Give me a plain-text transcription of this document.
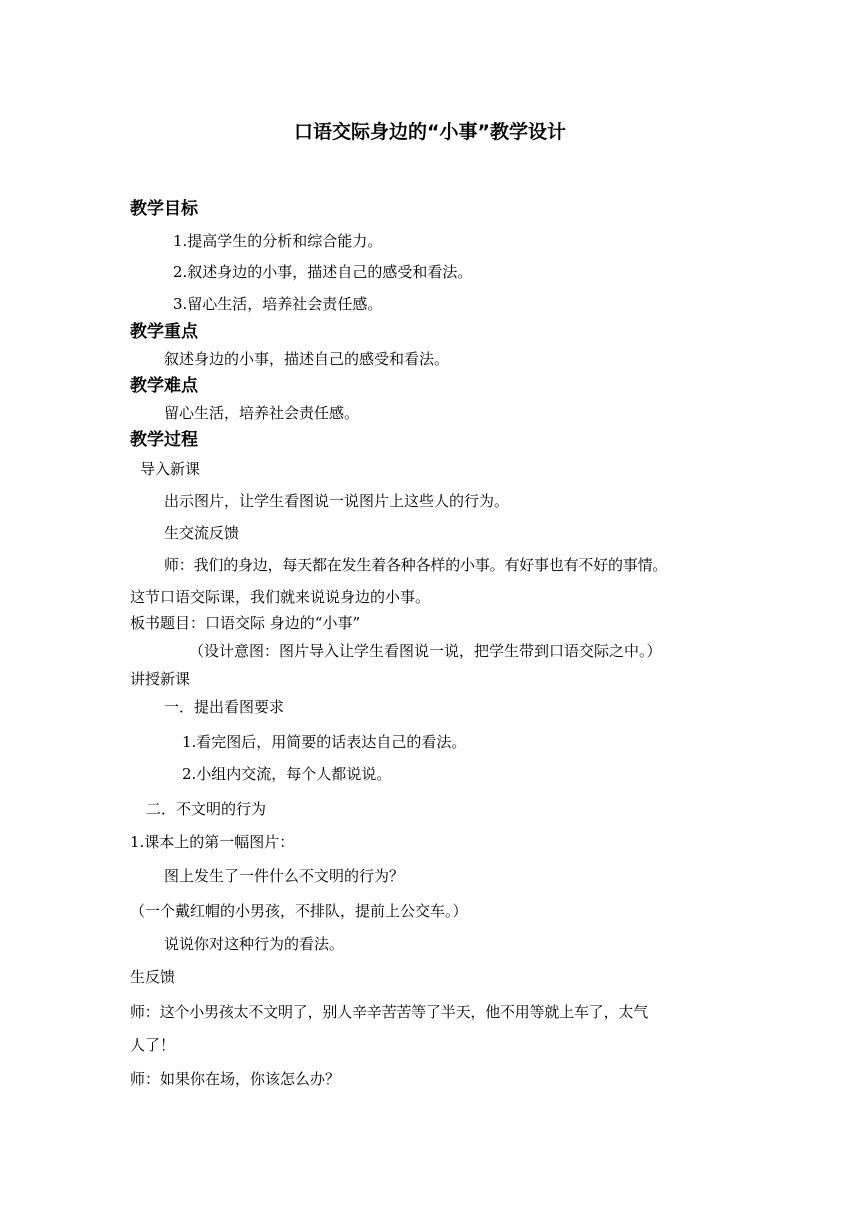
口语交际身边的“小事”教学设计
教学目标
1.提高学生的分析和综合能力。
2.叙述身边的小事，描述自己的感受和看法。
3.留心生活，培养社会责任感。
教学重点
叙述身边的小事，描述自己的感受和看法。
教学难点
留心生活，培养社会责任感。
教学过程
导入新课
出示图片，让学生看图说一说图片上这些人的行为。
生交流反馈
师：我们的身边，每天都在发生着各种各样的小事。有好事也有不好的事情。
这节口语交际课，我们就来说说身边的小事。
板书题目：口语交际 身边的“小事”
（设计意图：图片导入让学生看图说一说，把学生带到口语交际之中。）
讲授新课
一．提出看图要求
1.看完图后，用简要的话表达自己的看法。
2.小组内交流，每个人都说说。
二．不文明的行为
1.课本上的第一幅图片：
图上发生了一件什么不文明的行为？
（一个戴红帽的小男孩，不排队，提前上公交车。）
说说你对这种行为的看法。
生反馈
师：这个小男孩太不文明了，别人辛辛苦苦等了半天，他不用等就上车了，太气
人了！
师：如果你在场，你该怎么办？
